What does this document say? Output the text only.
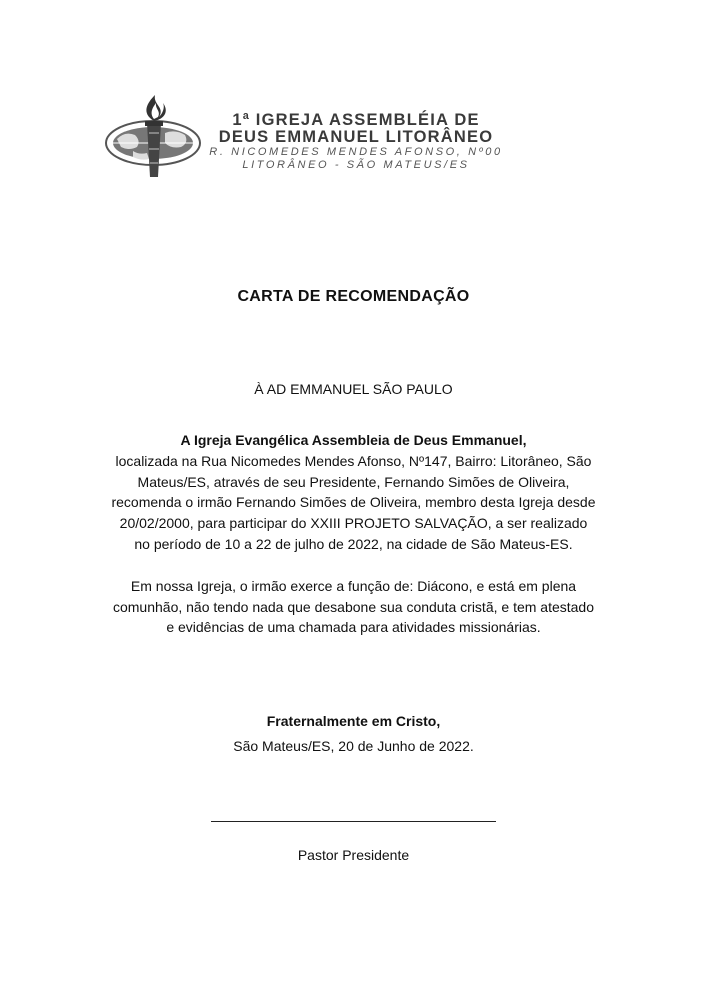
1ª IGREJA ASSEMBLÉIA DE
DEUS EMMANUEL LITORÂNEO
R. NICOMEDES MENDES AFONSO, Nº00
LITORÂNEO - SÃO MATEUS/ES
CARTA DE RECOMENDAÇÃO
À AD EMMANUEL SÃO PAULO

A Igreja Evangélica Assembleia de Deus Emmanuel,
localizada na Rua Nicomedes Mendes Afonso, Nº147, Bairro: Litorâneo, São Mateus/ES, através de seu Presidente, Fernando Simões de Oliveira, recomenda o irmão Fernando Simões de Oliveira, membro desta Igreja desde 20/02/2000, para participar do XXIII PROJETO SALVAÇÃO, a ser realizado no período de 10 a 22 de julho de 2022, na cidade de São Mateus-ES.

Em nossa Igreja, o irmão exerce a função de: Diácono, e está em plena comunhão, não tendo nada que desabone sua conduta cristã, e tem atestado e evidências de uma chamada para atividades missionárias.

Fraternalmente em Cristo,
São Mateus/ES, 20 de Junho de 2022.
Pastor Presidente
